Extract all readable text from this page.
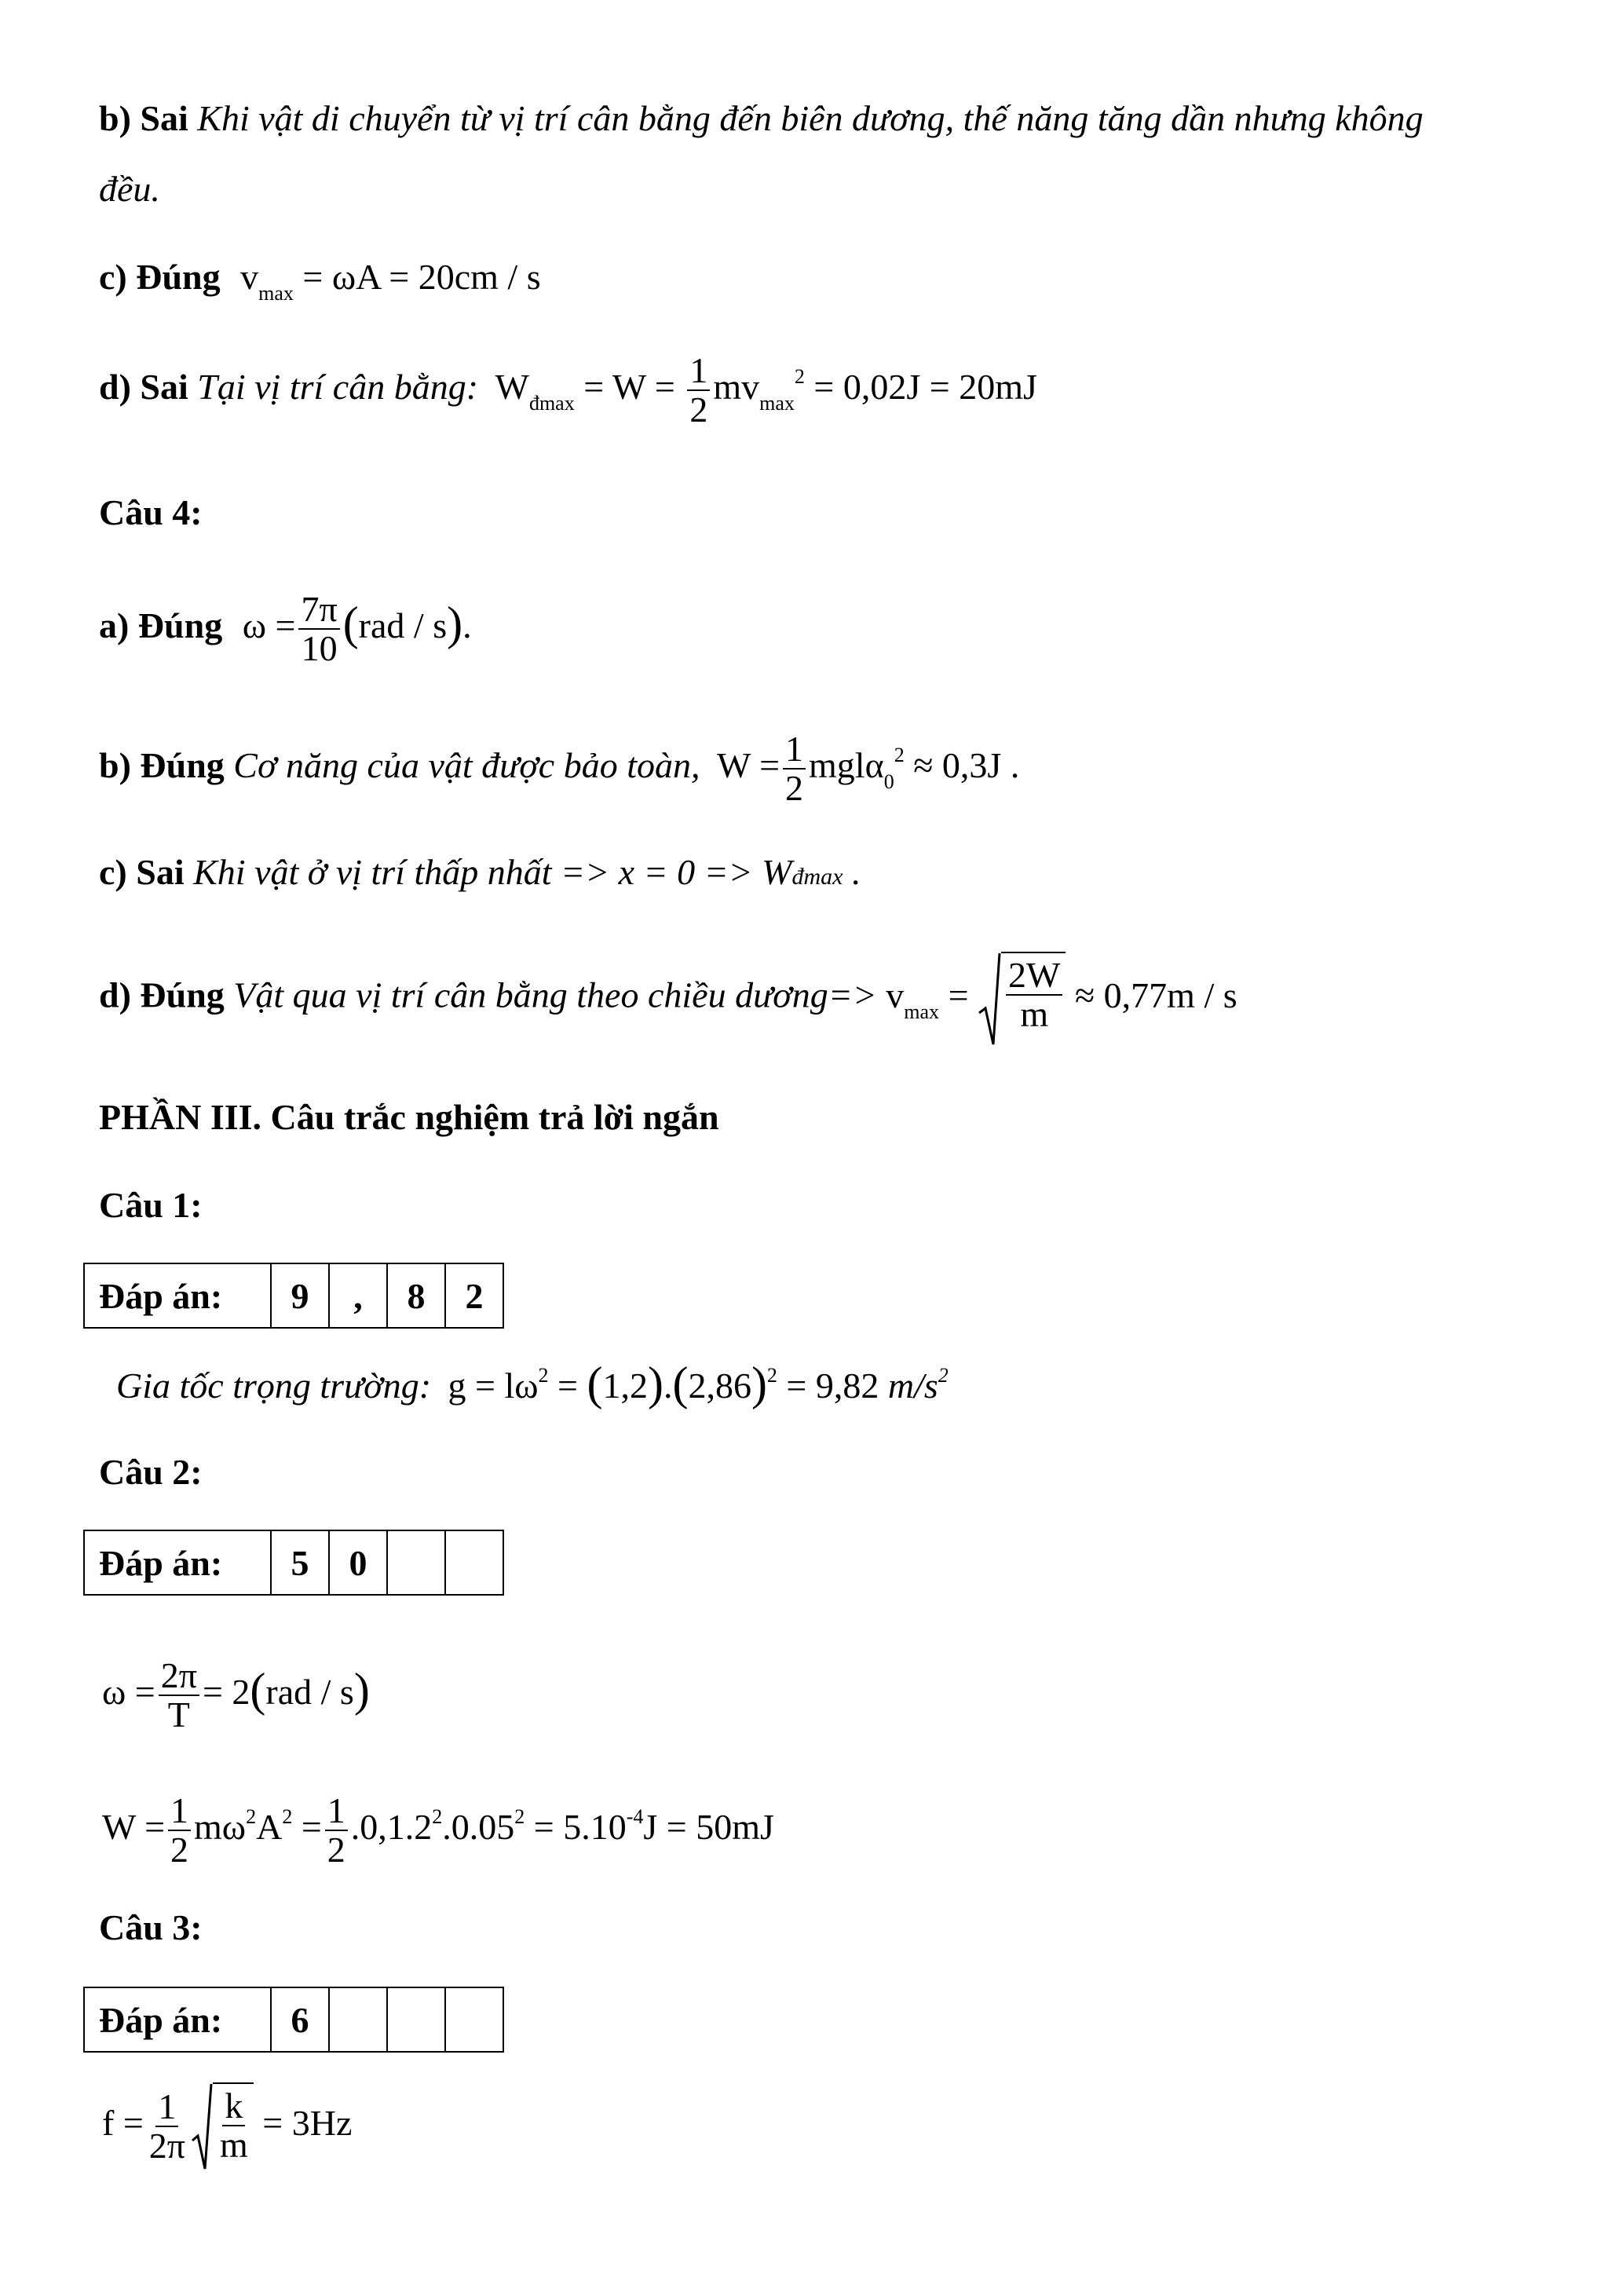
b) Sai Khi vật di chuyển từ vị trí cân bằng đến biên dương, thế năng tăng dần nhưng không
đều.
c) Đúng $v_{max} = \omega A = 20cm / s$
d) Sai Tại vị trí cân bằng: $W_{đmax} = W = \frac{1}{2} mv_{max}^2 = 0,02J = 20mJ$
Câu 4:
a) Đúng $\omega = \frac{7\pi}{10} (rad / s)$.
b) Đúng Cơ năng của vật được bảo toàn, $W = \frac{1}{2} mgl\alpha_0^2 \approx 0,3J$ .
c) Sai Khi vật ở vị trí thấp nhất => x = 0 => Wđmax .
d) Đúng Vật qua vị trí cân bằng theo chiều dương=> $v_{max} = \frac{2W}{m} \approx 0,77m / s$
PHẦN III. Câu trắc nghiệm trả lời ngắn
Câu 1:
Đáp án:	9	,	8	2
Gia tốc trọng trường: $g = l\omega^2 = (1,2).(2,86)^2 = 9,82$ $m/s^2$
Câu 2:
Đáp án:	5	0		
$\omega = \frac{2\pi}{T} = 2(rad / s)$
$W = \frac{1}{2} m\omega^2A^2 = \frac{1}{2} .0,1.2^2.0.05^2 = 5.10^{-4}J = 50mJ$
Câu 3:
Đáp án:	6			
$f = \frac{1}{2\pi} \frac{k}{m} = 3Hz$
